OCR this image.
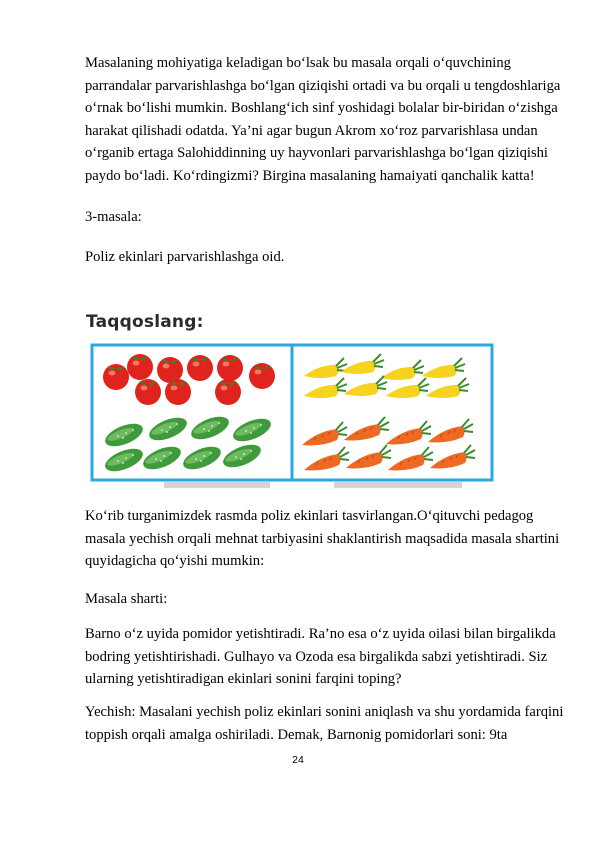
Masalaning mohiyatiga keladigan bo‘lsak bu masala orqali o‘quvchining
parrandalar parvarishlashga bo‘lgan qiziqishi ortadi va bu orqali u tengdoshlariga
o‘rnak bo‘lishi mumkin. Boshlang‘ich sinf yoshidagi bolalar bir-biridan o‘zishga
harakat qilishadi odatda. Ya’ni agar bugun Akrom xo‘roz parvarishlasa undan
o‘rganib ertaga Salohiddinning uy hayvonlari parvarishlashga bo‘lgan qiziqishi
paydo bo‘ladi. Ko‘rdingizmi? Birgina masalaning hamaiyati qanchalik katta!
3-masala:
Poliz ekinlari parvarishlashga oid.
Taqqoslang:
Ko‘rib turganimizdek rasmda poliz ekinlari tasvirlangan.O‘qituvchi pedagog
masala yechish orqali mehnat tarbiyasini shaklantirish maqsadida masala shartini
quyidagicha qo‘yishi mumkin:
Masala sharti:
Barno o‘z uyida pomidor yetishtiradi. Ra’no esa o‘z uyida oilasi bilan birgalikda
bodring yetishtirishadi. Gulhayo va Ozoda esa birgalikda sabzi yetishtiradi. Siz
ularning yetishtiradigan ekinlari sonini farqini toping?
Yechish: Masalani yechish poliz ekinlari sonini aniqlash va shu yordamida farqini
toppish orqali amalga oshiriladi. Demak, Barnonig pomidorlari soni: 9ta
24
